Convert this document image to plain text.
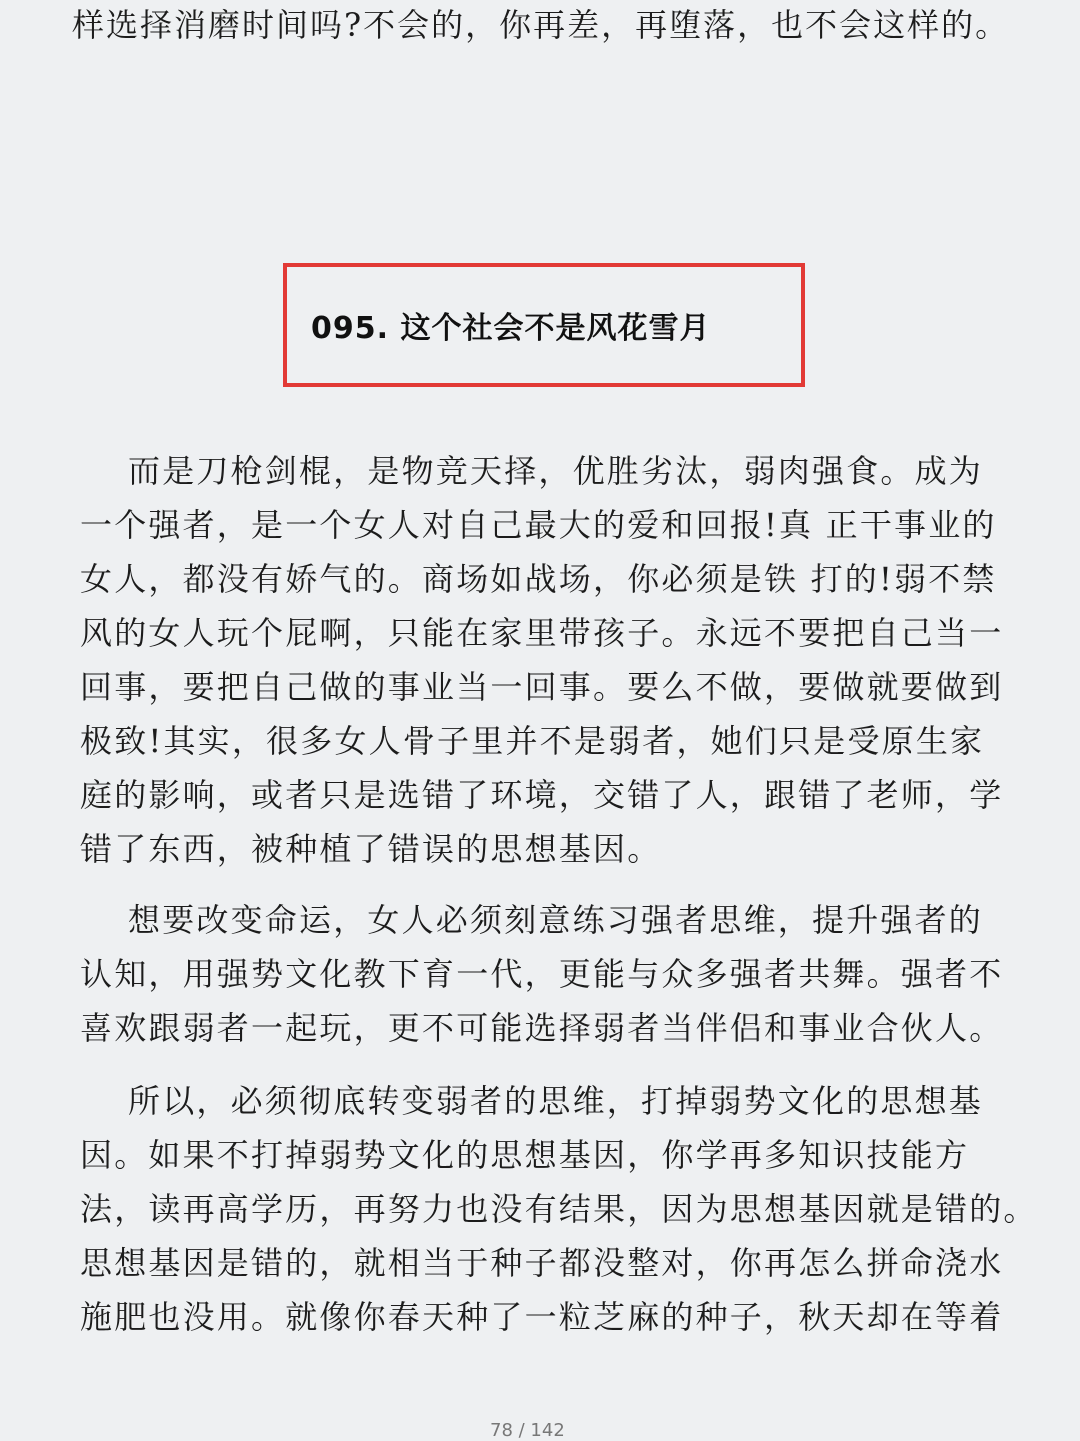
样选择消磨时间吗?不会的，你再差，再堕落，也不会这样的。
095. 这个社会不是风花雪月
而是刀枪剑棍，是物竞天择，优胜劣汰，弱肉强食。成为
一个强者，是一个女人对自己最大的爱和回报!真 正干事业的
女人，都没有娇气的。商场如战场，你必须是铁 打的!弱不禁
风的女人玩个屁啊，只能在家里带孩子。永远不要把自己当一
回事，要把自己做的事业当一回事。要么不做，要做就要做到
极致!其实，很多女人骨子里并不是弱者，她们只是受原生家
庭的影响，或者只是选错了环境，交错了人，跟错了老师，学
错了东西，被种植了错误的思想基因。
想要改变命运，女人必须刻意练习强者思维，提升强者的
认知，用强势文化教下育一代，更能与众多强者共舞。强者不
喜欢跟弱者一起玩，更不可能选择弱者当伴侣和事业合伙人。
所以，必须彻底转变弱者的思维，打掉弱势文化的思想基
因。如果不打掉弱势文化的思想基因，你学再多知识技能方
法，读再高学历，再努力也没有结果，因为思想基因就是错的。
思想基因是错的，就相当于种子都没整对，你再怎么拼命浇水
施肥也没用。就像你春天种了一粒芝麻的种子，秋天却在等着
78 / 142
